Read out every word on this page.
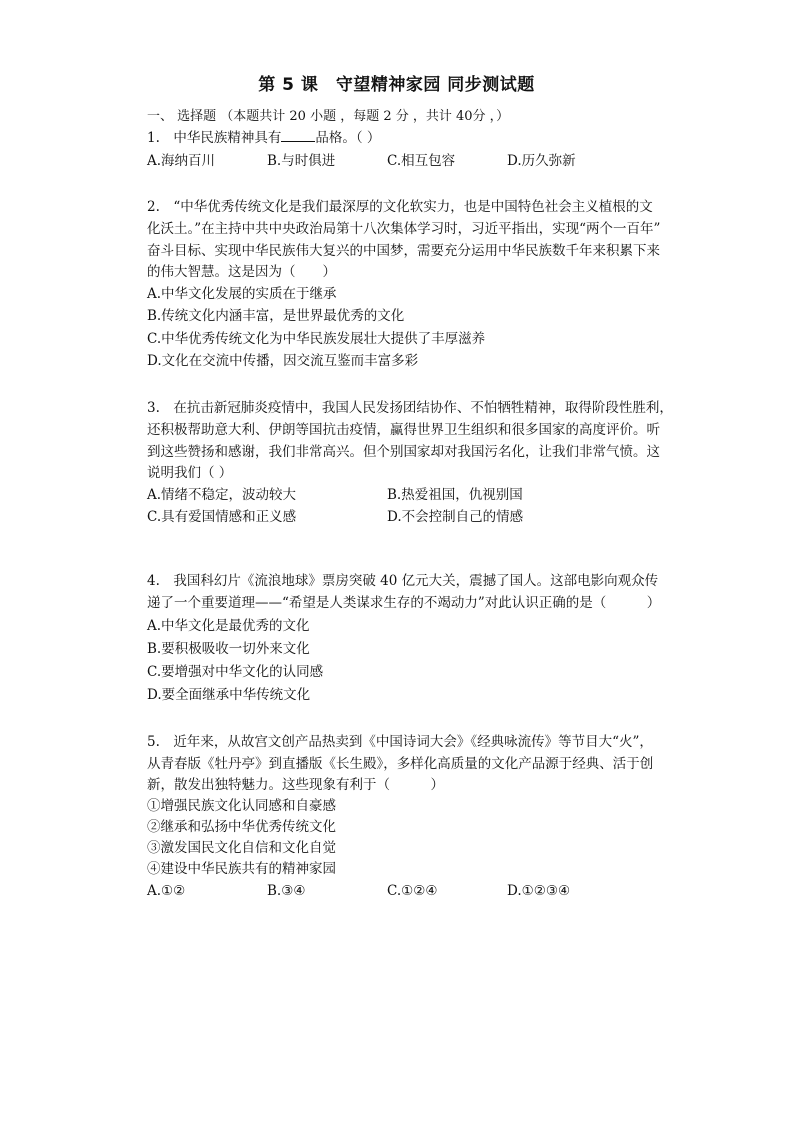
第 5 课　守望精神家园 同步测试题
一、 选择题 （本题共计 20 小题 ，每题 2 分 ，共计 40分 ，）
1.　中华民族精神具有	品格。（ ）
A.海纳百川	B.与时俱进	C.相互包容	D.历久弥新
2.　“中华优秀传统文化是我们最深厚的文化软实力，也是中国特色社会主义植根的文
化沃土。”在主持中共中央政治局第十八次集体学习时，习近平指出，实现“两个一百年”
奋斗目标、实现中华民族伟大复兴的中国梦，需要充分运用中华民族数千年来积累下来
的伟大智慧。这是因为（　　）
A.中华文化发展的实质在于继承
B.传统文化内涵丰富，是世界最优秀的文化
C.中华优秀传统文化为中华民族发展壮大提供了丰厚滋养
D.文化在交流中传播，因交流互鉴而丰富多彩
3.　在抗击新冠肺炎疫情中，我国人民发扬团结协作、不怕牺牲精神，取得阶段性胜利，
还积极帮助意大利、伊朗等国抗击疫情，赢得世界卫生组织和很多国家的高度评价。听
到这些赞扬和感谢，我们非常高兴。但个别国家却对我国污名化，让我们非常气愤。这
说明我们（ ）
A.情绪不稳定，波动较大	B.热爱祖国，仇视别国
C.具有爱国情感和正义感	D.不会控制自己的情感
4.　我国科幻片《流浪地球》票房突破 40 亿元大关，震撼了国人。这部电影向观众传
递了一个重要道理——“希望是人类谋求生存的不竭动力”对此认识正确的是（　　　）
A.中华文化是最优秀的文化
B.要积极吸收一切外来文化
C.要增强对中华文化的认同感
D.要全面继承中华传统文化
5.　近年来，从故宫文创产品热卖到《中国诗词大会》《经典咏流传》等节目大“火”，
从青春版《牡丹亭》到直播版《长生殿》，多样化高质量的文化产品源于经典、活于创
新，散发出独特魅力。这些现象有利于（　　　）
①增强民族文化认同感和自豪感
②继承和弘扬中华优秀传统文化
③激发国民文化自信和文化自觉
④建设中华民族共有的精神家园
A.①②	B.③④	C.①②④	D.①②③④
